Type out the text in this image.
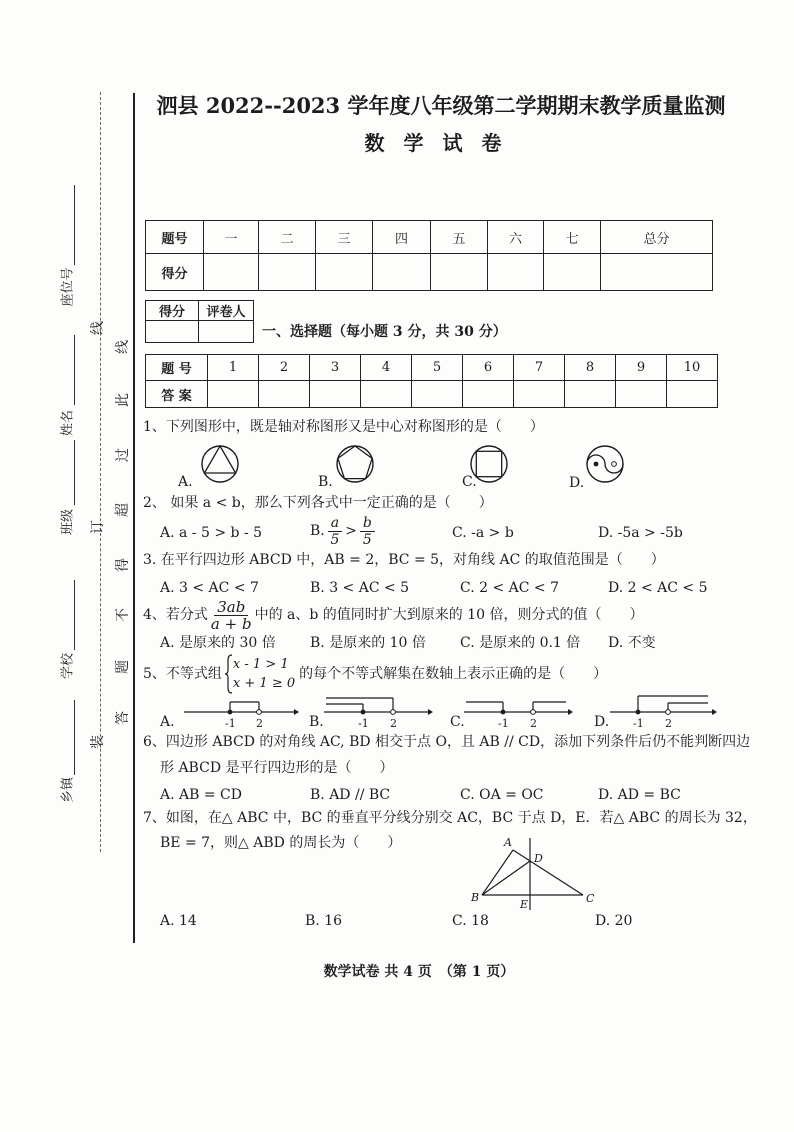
座位号
姓名
班级
学校
乡镇
线
订
装
线
此
过
超
得
不
题
答
泗县 2022--2023 学年度八年级第二学期期末教学质量监测
数 学 试 卷
题号	一	二	三	四	五	六	七	总分
得分								
得分	评卷人

一、选择题（每小题 3 分，共 30 分）
题 号	1	2	3	4	5	6	7	8	9	10
答 案										
1、下列图形中，既是轴对称图形又是中心对称图形的是（　　）
A.	B.	C.	D.
2、 如果 a < b，那么下列各式中一定正确的是（　　）
A. a - 5 > b - 5	B. $\frac{a}{5} > \frac{b}{5}$	C. -a > b	D. -5a > -5b
3. 在平行四边形 ABCD 中，AB = 2，BC = 5，对角线 AC 的取值范围是（　　）
A. 3 < AC < 7	B. 3 < AC < 5	C. 2 < AC < 7	D. 2 < AC < 5
4、若分式 $\frac{3ab}{a + b}$ 中的 a、b 的值同时扩大到原来的 10 倍，则分式的值（　　）
A. 是原来的 30 倍 B. 是原来的 10 倍 C. 是原来的 0.1 倍 D. 不变
5、不等式组
x - 1 > 1
x + 1 ≥ 0
的每个不等式解集在数轴上表示正确的是（　　）
A.	-1 2	B.	-1 2	C.	-1 2	D. -1 2
6、四边形 ABCD 的对角线 AC, BD 相交于点 O，且 AB // CD，添加下列条件后仍不能判断四边
形 ABCD 是平行四边形的是（　　）
A. AB = CD	B. AD // BC	C. OA = OC	D. AD = BC
7、如图，在△ ABC 中，BC 的垂直平分线分别交 AC，BC 于点 D，E．若△ ABC 的周长为 32，
BE = 7，则△ ABD 的周长为（　　）	A
D
B
E	C
A. 14	B. 16	C. 18	D. 20
数学试卷 共 4 页　（第 1 页）
